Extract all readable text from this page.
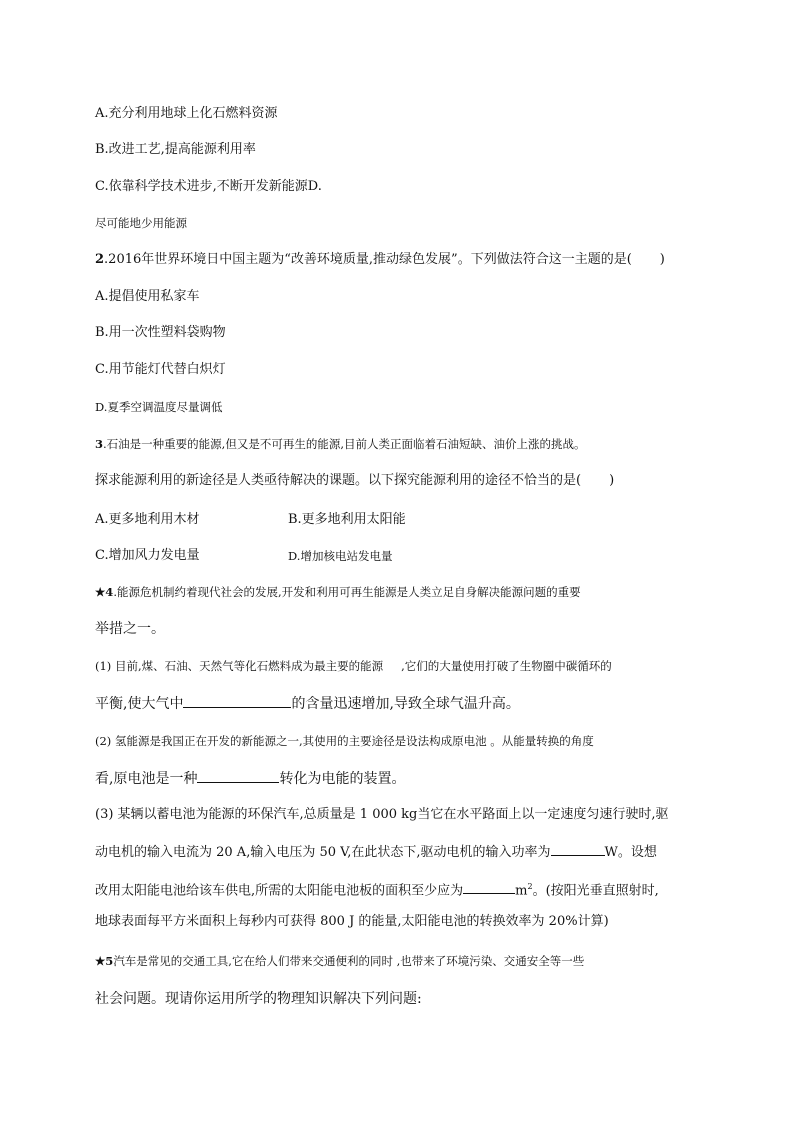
A.充分利用地球上化石燃料资源
B.改进工艺,提高能源利用率
C.依靠科学技术进步,不断开发新能源D.
尽可能地少用能源
2.2016年世界环境日中国主题为“改善环境质量,推动绿色发展”。下列做法符合这一主题的是( )
A.提倡使用私家车
B.用一次性塑料袋购物
C.用节能灯代替白炽灯
D.夏季空调温度尽量调低
3.石油是一种重要的能源,但又是不可再生的能源,目前人类正面临着石油短缺、油价上涨的挑战。
探求能源利用的新途径是人类亟待解决的课题。以下探究能源利用的途径不恰当的是( )
A.更多地利用木材	B.更多地利用太阳能
C.增加风力发电量	D.增加核电站发电量
★4.能源危机制约着现代社会的发展,开发和利用可再生能源是人类立足自身解决能源问题的重要
举措之一。
(1) 目前,煤、石油、天然气等化石燃料成为最主要的能源 ,它们的大量使用打破了生物圈中碳循环的
平衡,使大气中	的含量迅速增加,导致全球气温升高。
(2) 氢能源是我国正在开发的新能源之一,其使用的主要途径是设法构成原电池 。从能量转换的角度
看,原电池是一种	转化为电能的装置。
(3) 某辆以蓄电池为能源的环保汽车,总质量是 1 000 kg当它在水平路面上以一定速度匀速行驶时,驱
动电机的输入电流为 20 A,输入电压为 50 V,在此状态下,驱动电机的输入功率为	W。设想
改用太阳能电池给该车供电,所需的太阳能电池板的面积至少应为	$m^2$。(按阳光垂直照射时,
地球表面每平方米面积上每秒内可获得 800 J 的能量,太阳能电池的转换效率为 20%计算)
★5汽车是常见的交通工具,它在给人们带来交通便利的同时 ,也带来了环境污染、交通安全等一些
社会问题。现请你运用所学的物理知识解决下列问题:
